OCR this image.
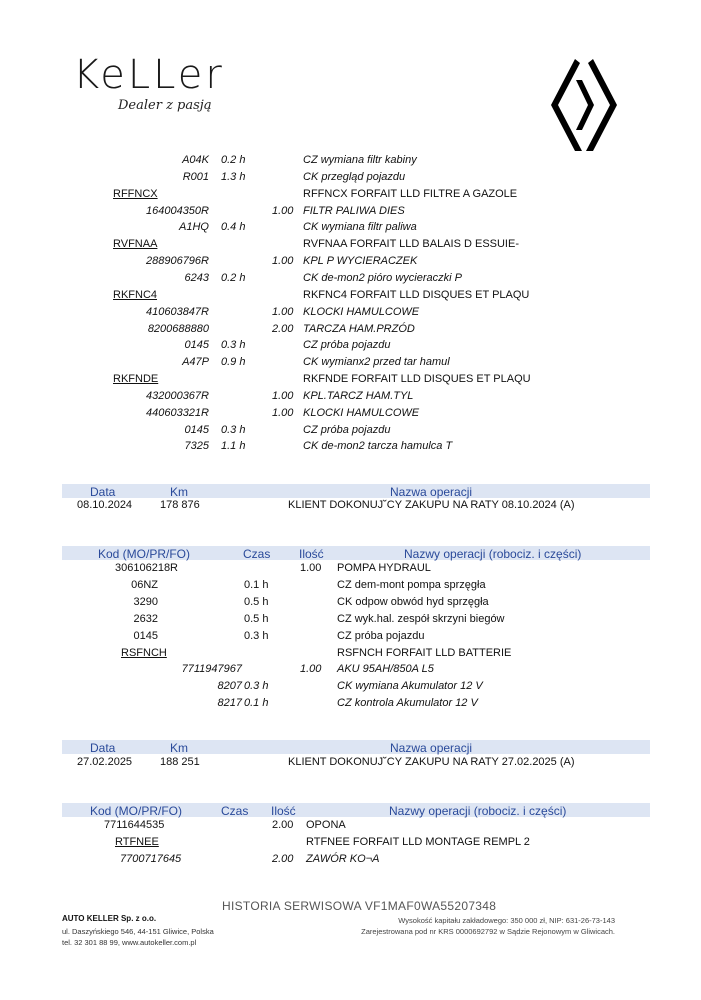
KeLLer
Dealer z pasją
A04K 0.2 h	CZ wymiana filtr kabiny
R001 1.3 h	CK przegląd pojazdu
RFFNCX	RFFNCX FORFAIT LLD FILTRE A GAZOLE
164004350R	1.00 FILTR PALIWA DIES
A1HQ 0.4 h	CK wymiana filtr paliwa
RVFNAA	RVFNAA FORFAIT LLD BALAIS D ESSUIE-
288906796R	1.00 KPL P WYCIERACZEK
6243 0.2 h	CK de-mon2 pióro wycieraczki P
RKFNC4	RKFNC4 FORFAIT LLD DISQUES ET PLAQU
410603847R	1.00 KLOCKI HAMULCOWE
8200688880	2.00 TARCZA HAM.PRZÓD
0145 0.3 h	CZ próba pojazdu
A47P 0.9 h	CK wymianx2 przed tar hamul
RKFNDE	RKFNDE FORFAIT LLD DISQUES ET PLAQU
432000367R	1.00 KPL.TARCZ HAM.TYL
440603321R	1.00 KLOCKI HAMULCOWE
0145 0.3 h	CZ próba pojazdu
7325 1.1 h	CK de-mon2 tarcza hamulca T
Data	Km	Nazwa operacji
08.10.2024	178 876	KLIENT DOKONUJ˘CY ZAKUPU NA RATY 08.10.2024 (A)
Kod (MO/PR/FO)	Czas Ilość	Nazwy operacji (robociz. i części)
306106218R	1.00 POMPA HYDRAUL
06NZ	0.1 h	CZ dem-mont pompa sprzęgła
3290	0.5 h	CK odpow obwód hyd sprzęgła
2632	0.5 h	CZ wyk.hal. zespół skrzyni biegów
0145	0.3 h	CZ próba pojazdu
RSFNCH	RSFNCH FORFAIT LLD BATTERIE
7711947967	1.00 AKU 95AH/850A L5
8207 0.3 h	CK wymiana Akumulator 12 V
8217 0.1 h	CZ kontrola Akumulator 12 V
Data	Km	Nazwa operacji
27.02.2025	188 251	KLIENT DOKONUJ˘CY ZAKUPU NA RATY 27.02.2025 (A)
Kod (MO/PR/FO)	Czas Ilość	Nazwy operacji (robociz. i części)
7711644535	2.00 OPONA
RTFNEE	RTFNEE FORFAIT LLD MONTAGE REMPL 2
7700717645	2.00 ZAWÓR KO¬A
HISTORIA SERWISOWA VF1MAF0WA55207348
AUTO KELLER Sp. z o.o.
ul. Daszyńskiego 546, 44-151 Gliwice, Polska
tel. 32 301 88 99, www.autokeller.com.pl
Wysokość kapitału zakładowego: 350 000 zł, NIP: 631-26-73-143
Zarejestrowana pod nr KRS 0000692792 w Sądzie Rejonowym w Gliwicach.
